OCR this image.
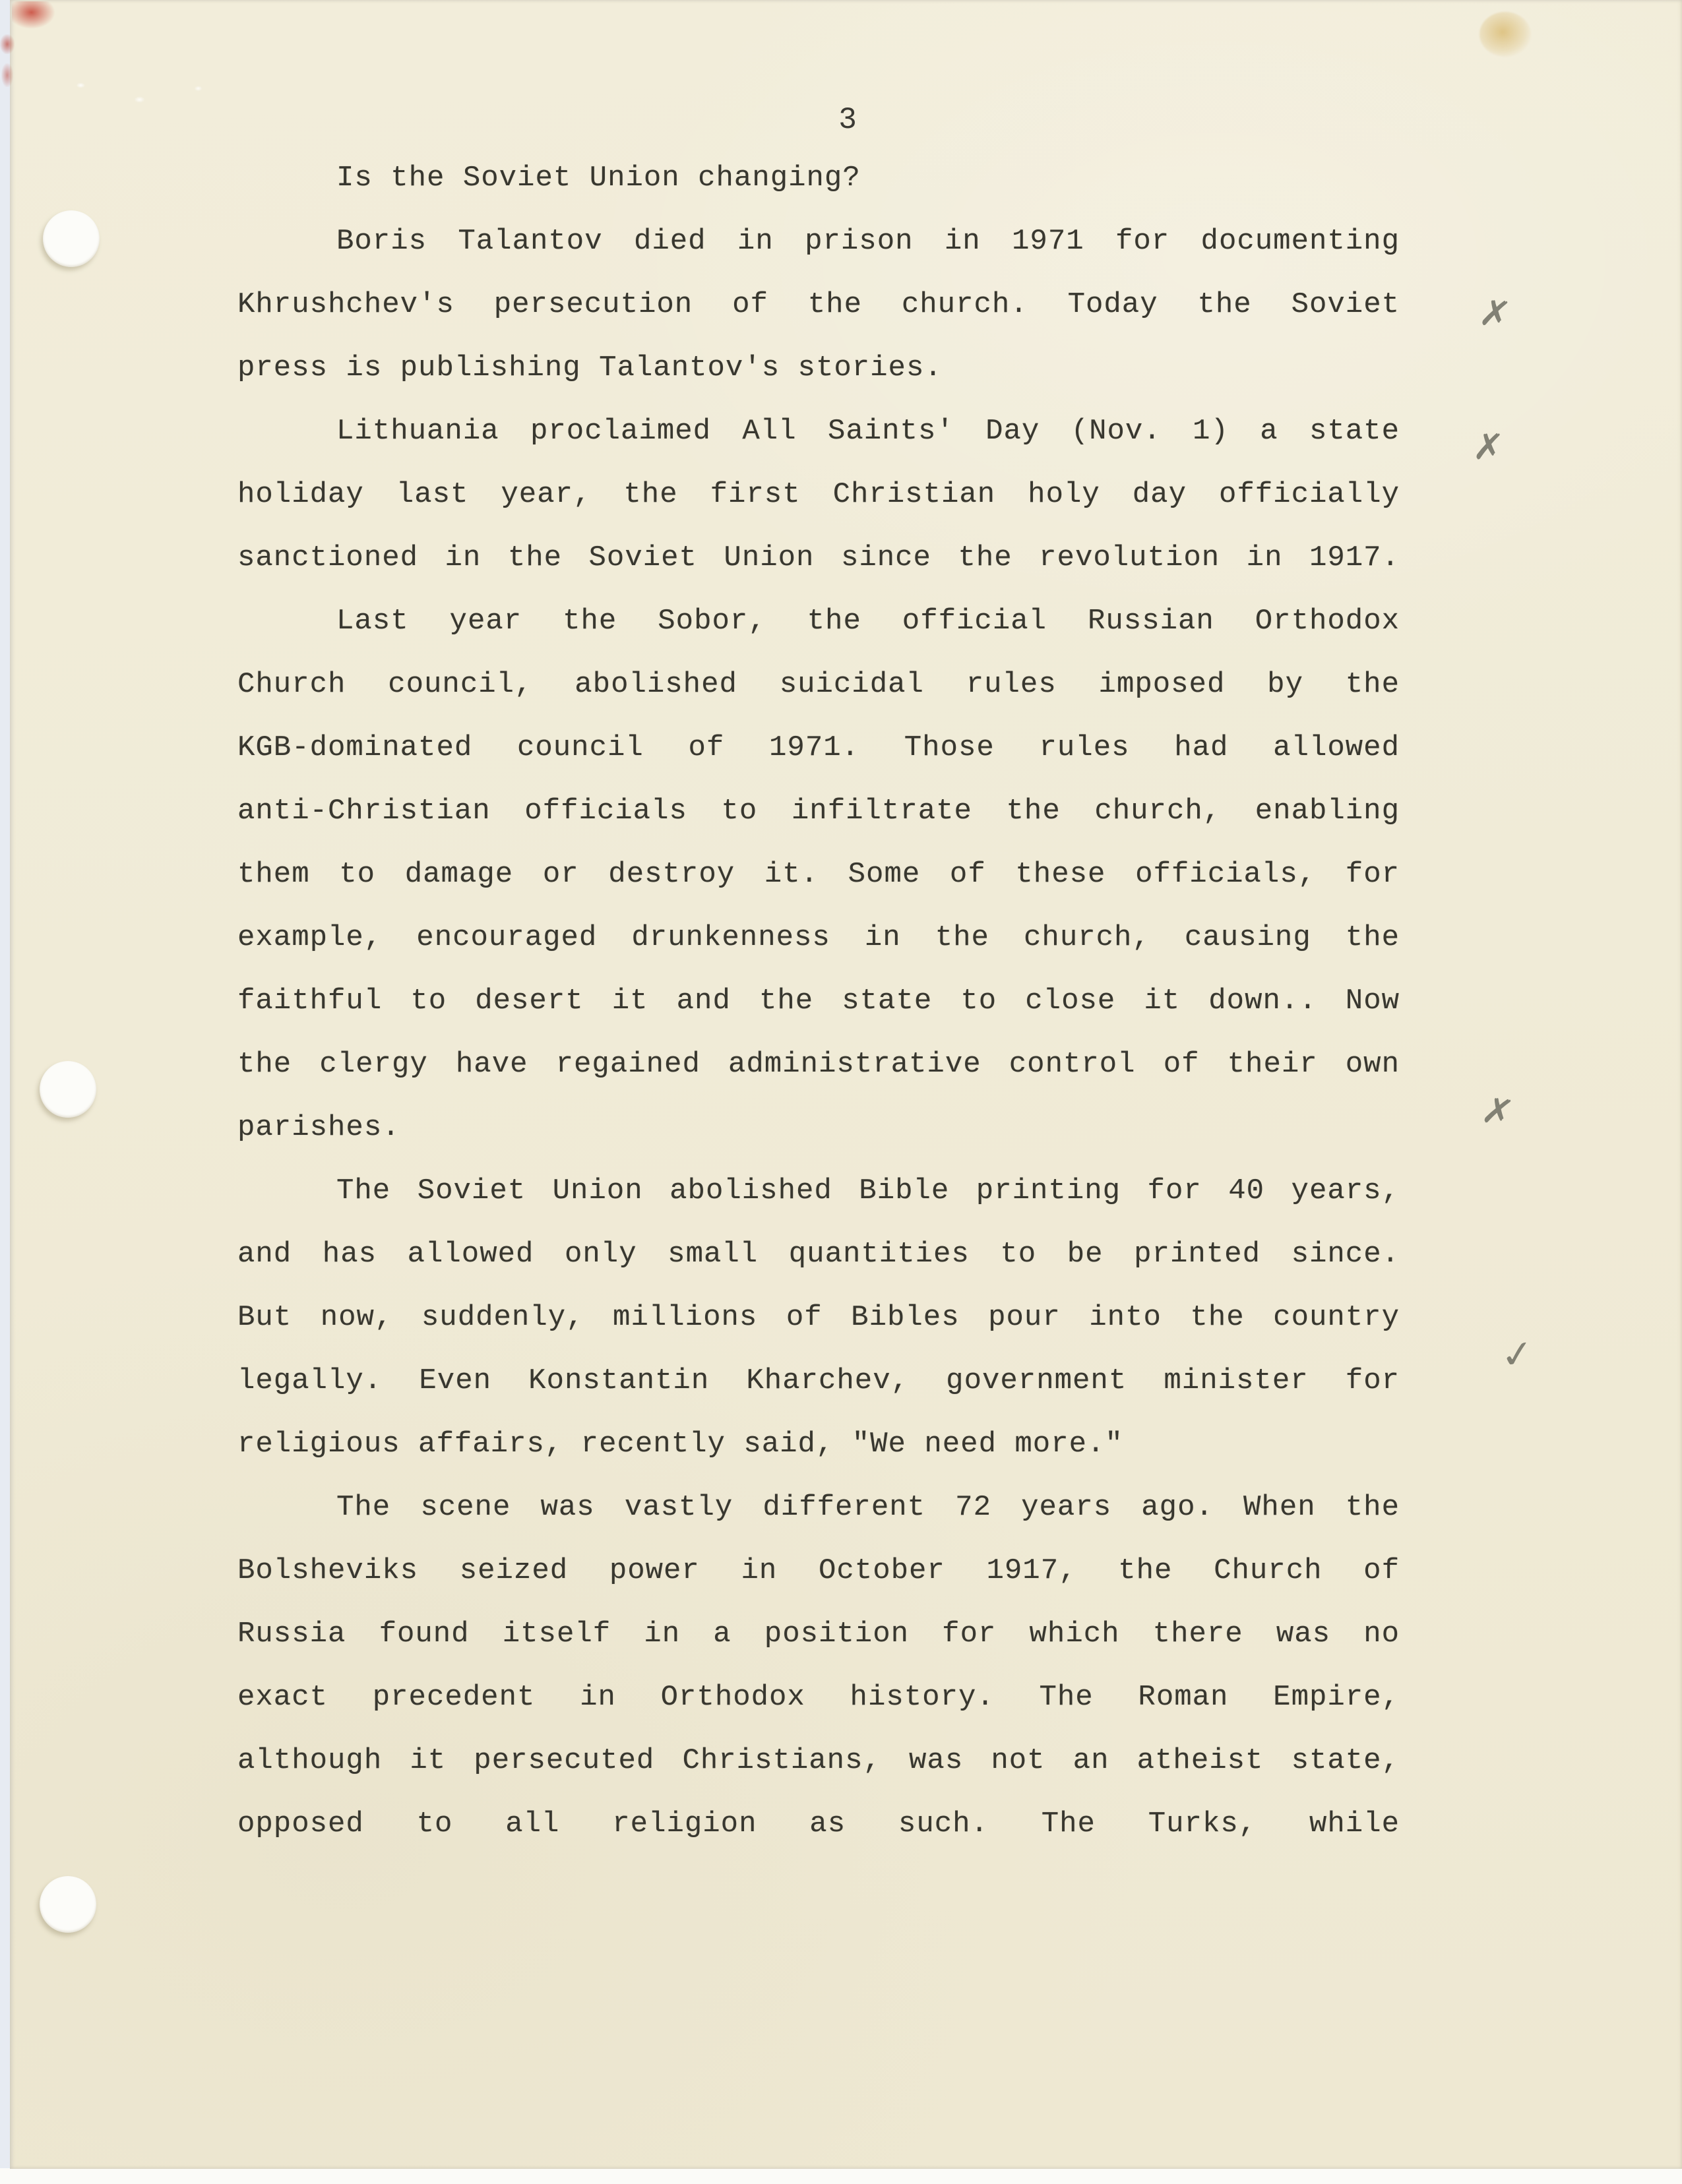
3
Is the Soviet Union changing?
Boris Talantov died in prison in 1971 for documenting
Khrushchev's persecution of the church. Today the Soviet
press is publishing Talantov's stories.
Lithuania proclaimed All Saints' Day (Nov. 1) a state
holiday last year, the first Christian holy day officially
sanctioned in the Soviet Union since the revolution in 1917.
Last year the Sobor, the official Russian Orthodox
Church council, abolished suicidal rules imposed by the
KGB-dominated council of 1971. Those rules had allowed
anti-Christian officials to infiltrate the church, enabling
them to damage or destroy it. Some of these officials, for
example, encouraged drunkenness in the church, causing the
faithful to desert it and the state to close it down.. Now
the clergy have regained administrative control of their own
parishes.
The Soviet Union abolished Bible printing for 40 years,
and has allowed only small quantities to be printed since.
But now, suddenly, millions of Bibles pour into the country
legally. Even Konstantin Kharchev, government minister for
religious affairs, recently said, "We need more."
The scene was vastly different 72 years ago. When the
Bolsheviks seized power in October 1917, the Church of
Russia found itself in a position for which there was no
exact precedent in Orthodox history. The Roman Empire,
although it persecuted Christians, was not an atheist state,
opposed to all religion as such. The Turks, while
✗
✗
✗
✓
